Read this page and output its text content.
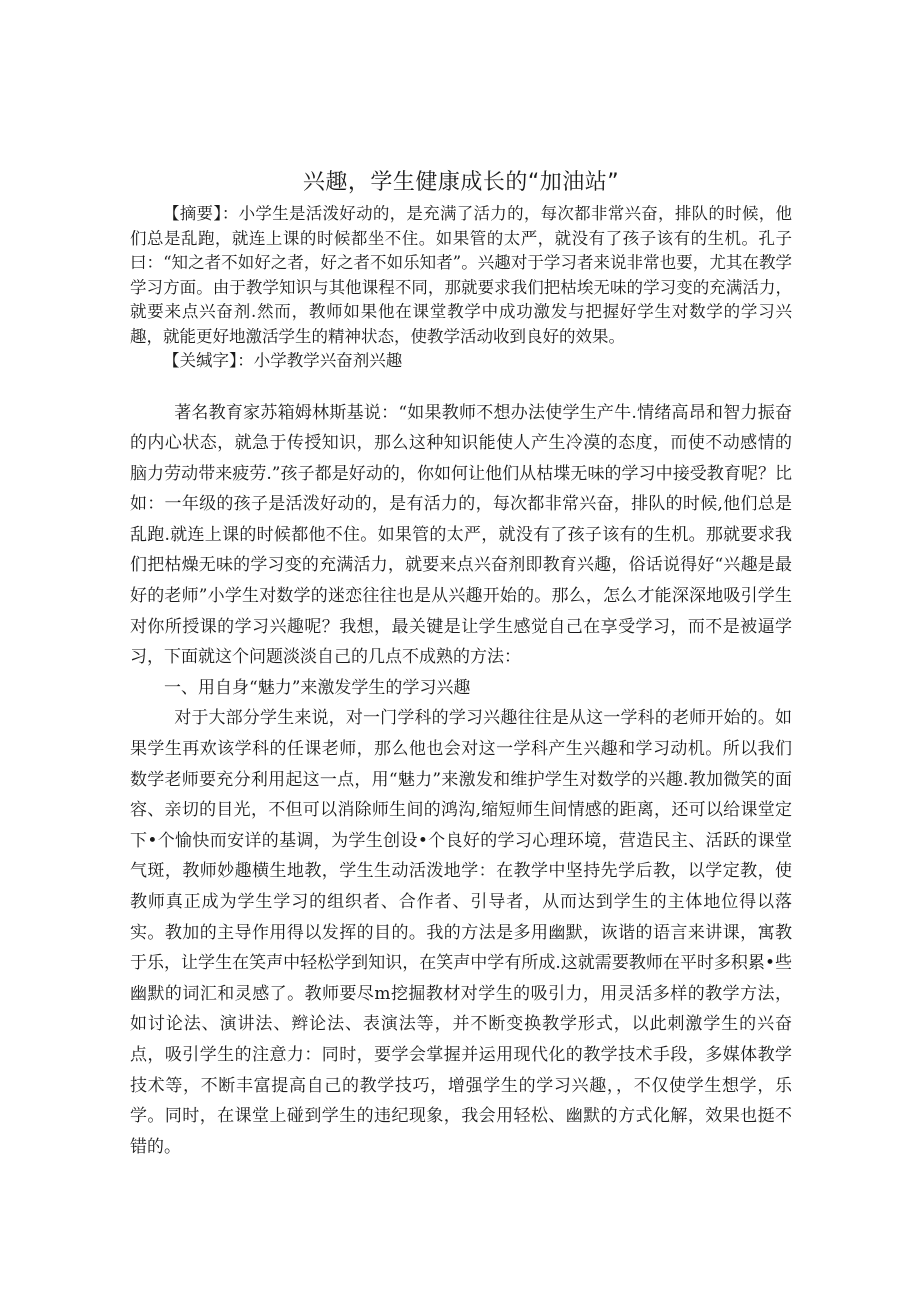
兴趣，学生健康成长的“加油站”

【摘要】：小学生是活泼好动的，是充满了活力的，每次都非常兴奋，排队的时候，他们总是乱跑，就连上课的时候都坐不住。如果管的太严，就没有了孩子该有的生机。孔子曰：“知之者不如好之者，好之者不如乐知者”。兴趣对于学习者来说非常也要，尤其在教学学习方面。由于教学知识与其他课程不同，那就要求我们把枯埃无味的学习变的充满活力，就要来点兴奋剂.然而，教师如果他在课堂教学中成功激发与把握好学生对数学的学习兴趣，就能更好地激活学生的精神状态，使教学活动收到良好的效果。

【关缄字】：小学教学兴奋剂兴趣

著名教育家苏箱姆林斯基说：“如果教师不想办法使学生产牛.情绪高昂和智力振奋的内心状态，就急于传授知识，那么这种知识能使人产生冷漠的态度，而使不动感情的脑力劳动带来疲劳.”孩子都是好动的，你如何让他们从枯堞无味的学习中接受教育呢？比如：一年级的孩子是活泼好动的，是有活力的，每次都非常兴奋，排队的时候,他们总是乱跑.就连上课的时候都他不住。如果管的太严，就没有了孩子该有的生机。那就要求我们把枯燥无味的学习变的充满活力，就要来点兴奋剂即教育兴趣，俗话说得好“兴趣是最好的老师”小学生对数学的迷恋往往也是从兴趣开始的。那么，怎么才能深深地吸引学生对你所授课的学习兴趣呢？我想，最关键是让学生感觉自己在享受学习，而不是被逼学习，下面就这个问题淡淡自己的几点不成熟的方法：

一、用自身“魅力”来激发学生的学习兴趣

对于大部分学生来说，对一门学科的学习兴趣往往是从这一学科的老师开始的。如果学生再欢该学科的任课老师，那么他也会对这一学科产生兴趣和学习动机。所以我们数学老师要充分利用起这一点，用“魅力”来激发和维护学生对数学的兴趣.教加微笑的面容、亲切的目光，不但可以消除师生间的鸿沟,缩短师生间情感的距离，还可以给课堂定下•个愉快而安详的基调，为学生创设•个良好的学习心理环境，营造民主、活跃的课堂气斑，教师妙趣横生地教，学生生动活泼地学：在教学中坚持先学后教，以学定教，使教师真正成为学生学习的组织者、合作者、引导者，从而达到学生的主体地位得以落实。教加的主导作用得以发挥的目的。我的方法是多用幽默，诙谐的语言来讲课，寓教于乐，让学生在笑声中轻松学到知识，在笑声中学有所成.这就需要教师在平时多积累•些幽默的词汇和灵感了。教师要尽m挖掘教材对学生的吸引力，用灵活多样的教学方法，如讨论法、演讲法、辫论法、表演法等，并不断变换教学形式，以此刺激学生的兴奋点，吸引学生的注意力：同时，要学会掌握并运用现代化的教学技术手段，多媒体教学技术等，不断丰富提高自己的教学技巧，增强学生的学习兴趣，，不仅使学生想学，乐学。同时，在课堂上碰到学生的违纪现象，我会用轻松、幽默的方式化解，效果也挺不错的。
